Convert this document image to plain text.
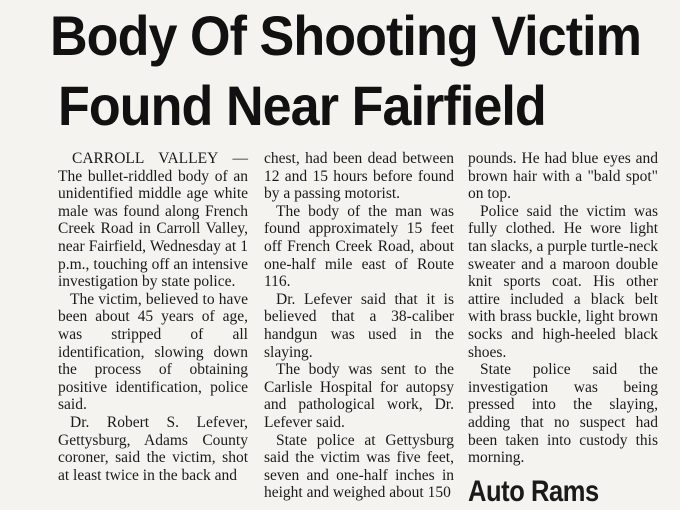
Body Of Shooting Victim
Found Near Fairfield

CARROLL VALLEY — The bullet-riddled body of an unidentified middle age white male was found along French Creek Road in Carroll Valley, near Fairfield, Wednesday at 1 p.m., touching off an intensive investigation by state police.

The victim, believed to have been about 45 years of age, was stripped of all identification, slowing down the process of obtaining positive identification, police said.

Dr. Robert S. Lefever, Gettysburg, Adams County coroner, said the victim, shot at least twice in the back and

chest, had been dead between 12 and 15 hours before found by a passing motorist.

The body of the man was found approximately 15 feet off French Creek Road, about one-half mile east of Route 116.

Dr. Lefever said that it is believed that a 38-caliber handgun was used in the slaying.

The body was sent to the Carlisle Hospital for autopsy and pathological work, Dr. Lefever said.

State police at Gettysburg said the victim was five feet, seven and one-half inches in height and weighed about 150

pounds. He had blue eyes and brown hair with a "bald spot" on top.

Police said the victim was fully clothed. He wore light tan slacks, a purple turtle-neck sweater and a maroon double knit sports coat. His other attire included a black belt with brass buckle, light brown socks and high-heeled black shoes.

State police said the investigation was being pressed into the slaying, adding that no suspect had been taken into custody this morning.

Auto Rams
